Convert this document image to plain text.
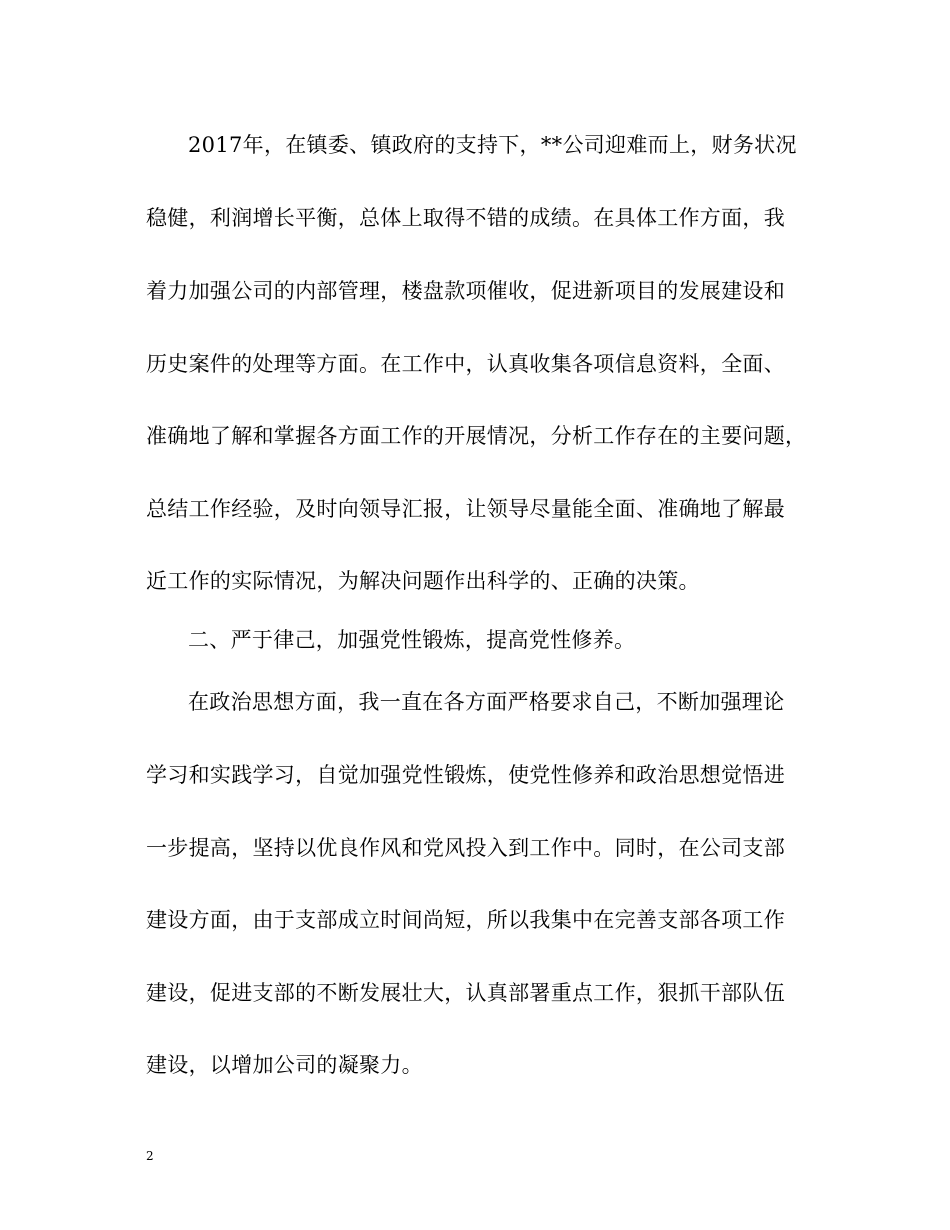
2017年，在镇委、镇政府的支持下，**公司迎难而上，财务状况
稳健，利润增长平衡，总体上取得不错的成绩。在具体工作方面，我
着力加强公司的内部管理，楼盘款项催收，促进新项目的发展建设和
历史案件的处理等方面。在工作中，认真收集各项信息资料，全面、
准确地了解和掌握各方面工作的开展情况，分析工作存在的主要问题，
总结工作经验，及时向领导汇报，让领导尽量能全面、准确地了解最
近工作的实际情况，为解决问题作出科学的、正确的决策。
二、严于律己，加强党性锻炼，提高党性修养。
在政治思想方面，我一直在各方面严格要求自己，不断加强理论
学习和实践学习，自觉加强党性锻炼，使党性修养和政治思想觉悟进
一步提高，坚持以优良作风和党风投入到工作中。同时，在公司支部
建设方面，由于支部成立时间尚短，所以我集中在完善支部各项工作
建设，促进支部的不断发展壮大，认真部署重点工作，狠抓干部队伍
建设，以增加公司的凝聚力。
2
